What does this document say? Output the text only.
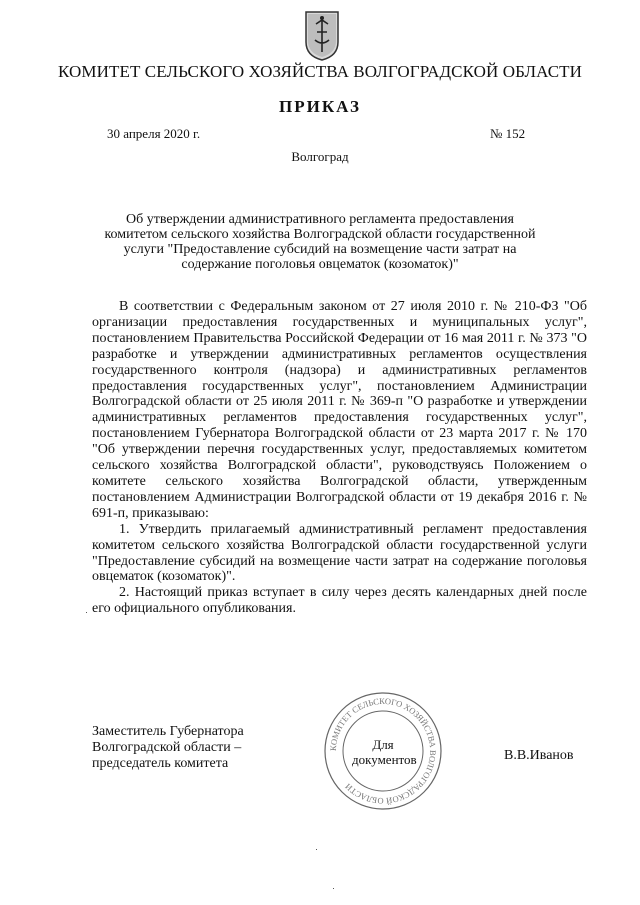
КОМИТЕТ СЕЛЬСКОГО ХОЗЯЙСТВА ВОЛГОГРАДСКОЙ ОБЛАСТИ
ПРИКАЗ
30 апреля 2020 г.	№ 152
Волгоград
Об утверждении административного регламента предоставления
комитетом сельского хозяйства Волгоградской области государственной
услуги "Предоставление субсидий на возмещение части затрат на
содержание поголовья овцематок (козоматок)"

В соответствии с Федеральным законом от 27 июля 2010 г. № 210-ФЗ "Об организации предоставления государственных и муниципальных услуг", постановлением Правительства Российской Федерации от 16 мая 2011 г. № 373 "О разработке и утверждении административных регламентов осуществления государственного контроля (надзора) и административных регламентов предоставления государственных услуг", постановлением Администрации Волгоградской области от 25 июля 2011 г. № 369-п "О разработке и утверждении административных регламентов предоставления государственных услуг", постановлением Губернатора Волгоградской области от 23 марта 2017 г. № 170 "Об утверждении перечня государственных услуг, предоставляемых комитетом сельского хозяйства Волгоградской области", руководствуясь Положением о комитете сельского хозяйства Волгоградской области, утвержденным постановлением Администрации Волгоградской области от 19 декабря 2016 г. № 691-п, приказываю:

1. Утвердить прилагаемый административный регламент предоставления комитетом сельского хозяйства Волгоградской области государственной услуги "Предоставление субсидий на возмещение части затрат на содержание поголовья овцематок (козоматок)".

2. Настоящий приказ вступает в силу через десять календарных дней после его официального опубликования.

Заместитель Губернатора
Волгоградской области –
председатель комитета
В.В.Иванов
КОМИТЕТ СЕЛЬСКОГО ХОЗЯЙСТВА ВОЛГОГРАДСКОЙ ОБЛАСТИ
Для
документов
